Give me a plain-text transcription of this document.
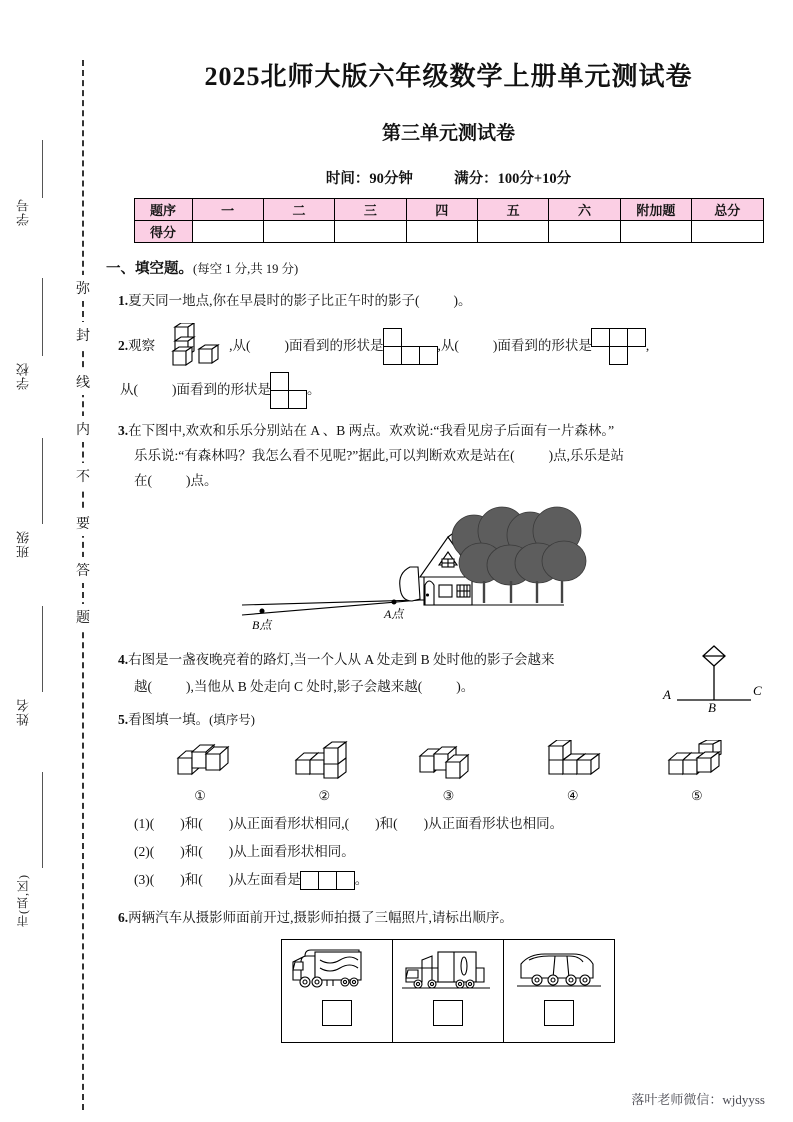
学号
学校
班级
姓名
市(县,区)
弥
封
线
内
不
要
答
题
2025北师大版六年级数学上册单元测试卷
第三单元测试卷
时间：90分钟	满分：100分+10分
题序	一	二	三	四	五	六	附加题	总分
得分								
一、填空题。(每空 1 分,共 19 分)
1.夏天同一地点,你在早晨时的影子比正午时的影子(	)。
2.观察	,从(	)面看到的形状是	,从(	)面看到的形状是	,
从(	)面看到的形状是	。
3.在下图中,欢欢和乐乐分别站在 A 、B 两点。欢欢说:“我看见房子后面有一片森林。”
乐乐说:“有森林吗？我怎么看不见呢?”据此,可以判断欢欢是站在(	)点,乐乐是站
在(	)点。
A点
B点
4.右图是一盏夜晚亮着的路灯,当一个人从 A 处走到 B 处时他的影子会越来
越(	),当他从 B 处走向 C 处时,影子会越来越(	)。
A
B
C
5.看图填一填。(填序号)
①	②	③	④	⑤
(1)( )和( )从正面看形状相同,( )和( )从正面看形状也相同。
(2)( )和( )从上面看形状相同。
(3)( )和( )从左面看是	。
6.两辆汽车从摄影师面前开过,摄影师拍摄了三幅照片,请标出顺序。
落叶老师微信：wjdyyss
